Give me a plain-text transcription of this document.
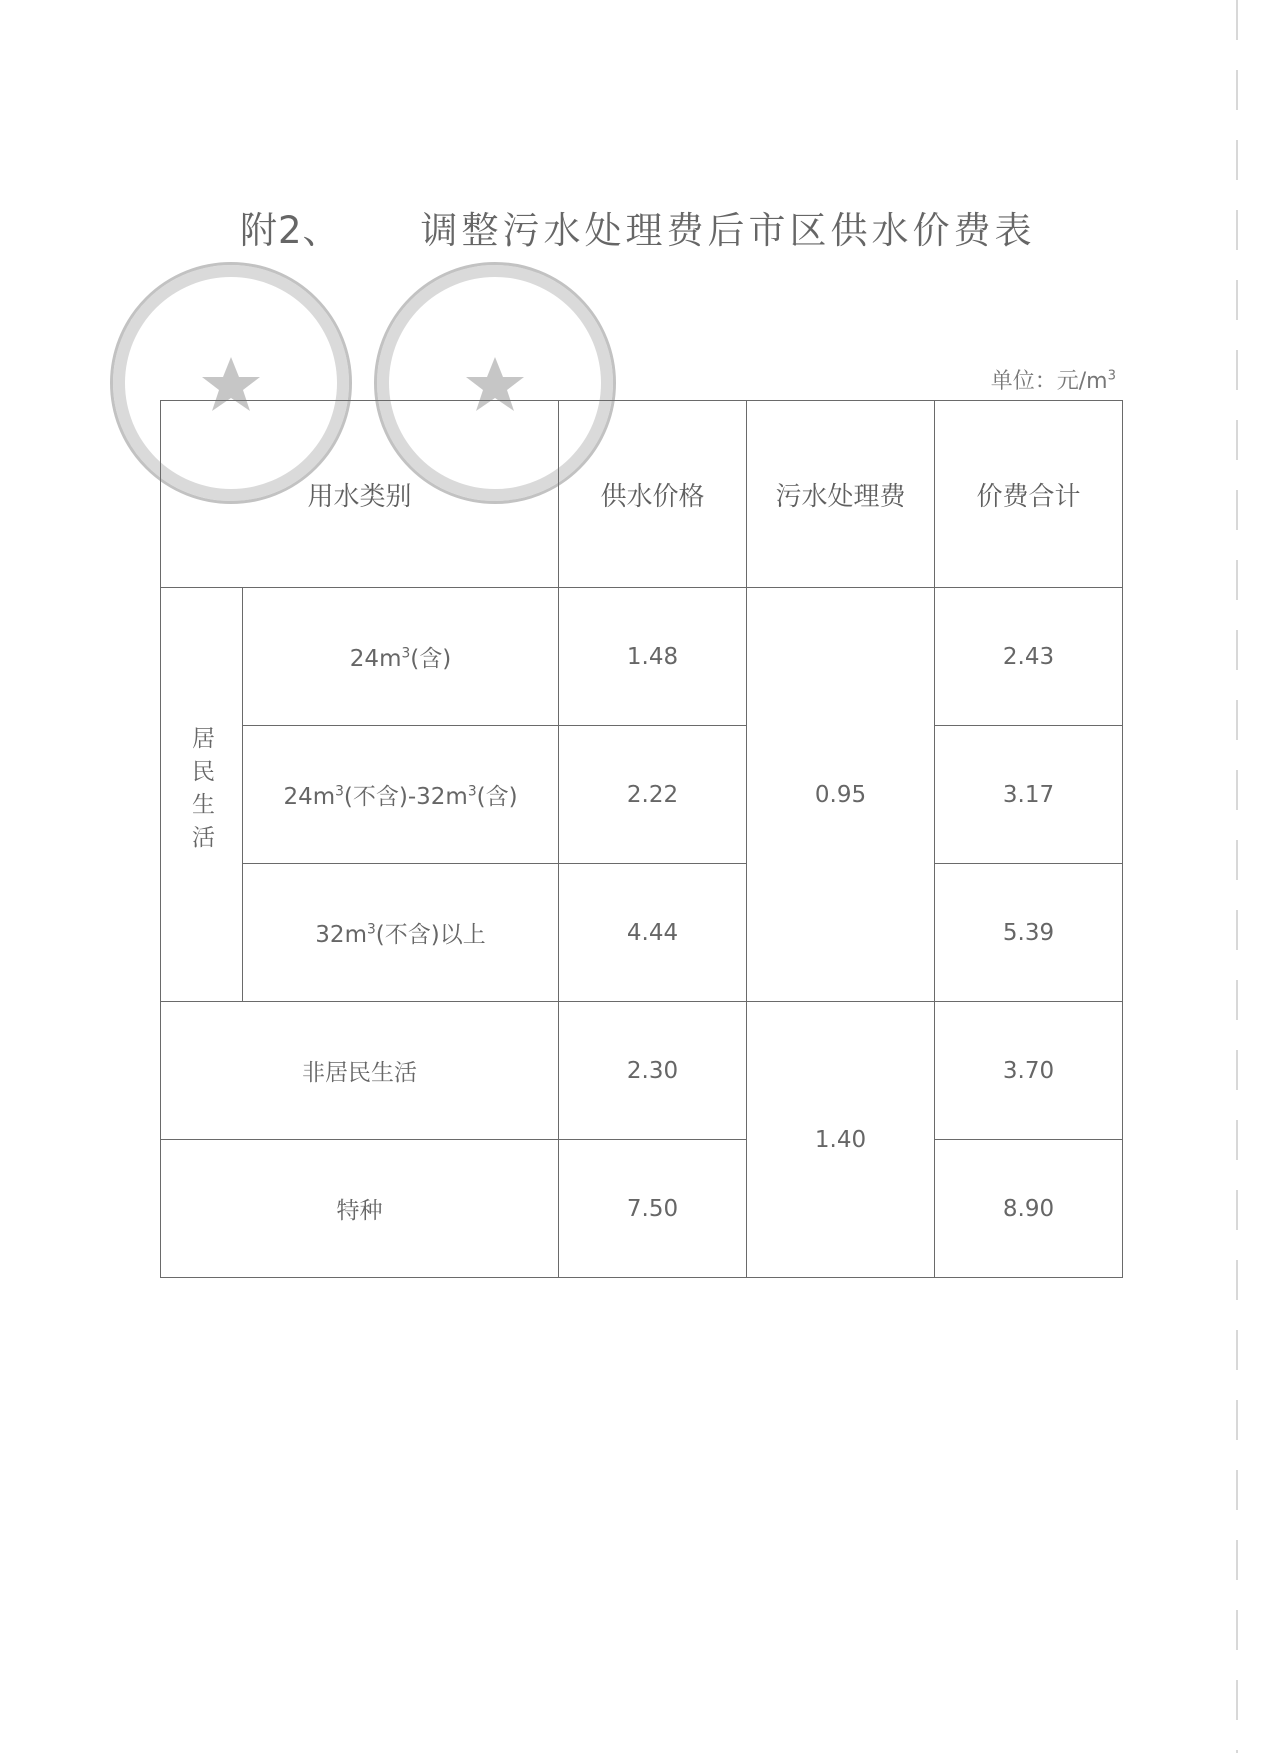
附2、 调整污水处理费后市区供水价费表
单位：元$/m^3$
用水类别		供水价格	污水处理费	价费合计
居民生活	$24m^3$(含)	1.48	0.95	2.43
	$24m^3$(不含)$-32m^3$(含)	2.22		3.17
	$32m^3$(不含)以上	4.44		5.39
非居民生活		2.30	1.40	3.70
特种		7.50		8.90
